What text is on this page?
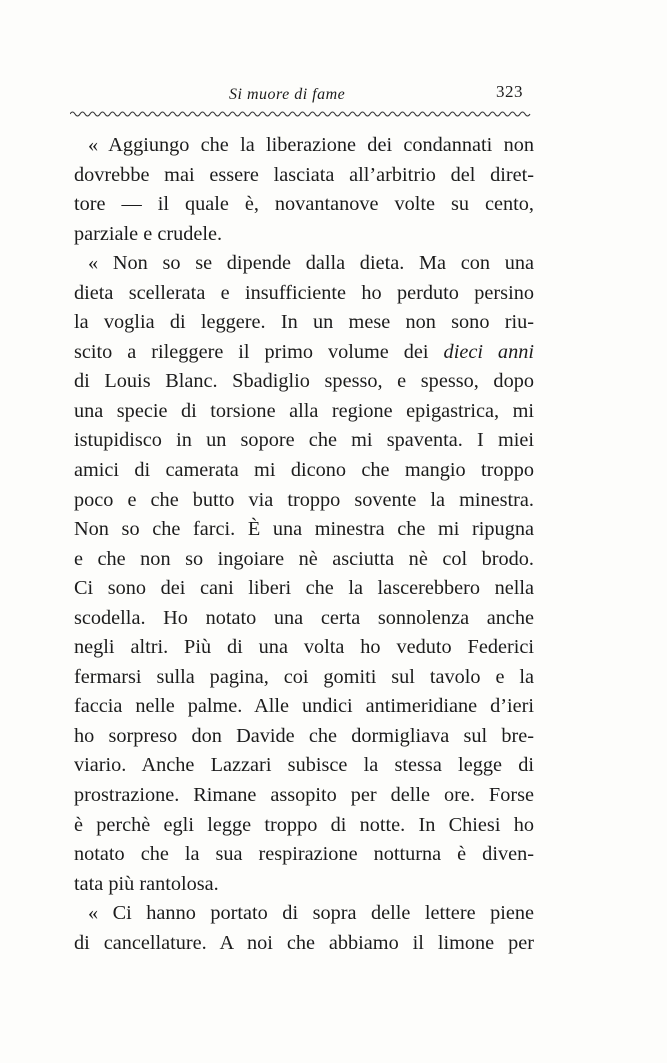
Si muore di fame	323
« Aggiungo che la liberazione dei condannati non
dovrebbe mai essere lasciata all’arbitrio del diret-
tore — il quale è, novantanove volte su cento,
parziale e crudele.
« Non so se dipende dalla dieta. Ma con una
dieta scellerata e insufficiente ho perduto persino
la voglia di leggere. In un mese non sono riu-
scito a rileggere il primo volume dei dieci anni
di Louis Blanc. Sbadiglio spesso, e spesso, dopo
una specie di torsione alla regione epigastrica, mi
istupidisco in un sopore che mi spaventa. I miei
amici di camerata mi dicono che mangio troppo
poco e che butto via troppo sovente la minestra.
Non so che farci. È una minestra che mi ripugna
e che non so ingoiare nè asciutta nè col brodo.
Ci sono dei cani liberi che la lascerebbero nella
scodella. Ho notato una certa sonnolenza anche
negli altri. Più di una volta ho veduto Federici
fermarsi sulla pagina, coi gomiti sul tavolo e la
faccia nelle palme. Alle undici antimeridiane d’ieri
ho sorpreso don Davide che dormigliava sul bre-
viario. Anche Lazzari subisce la stessa legge di
prostrazione. Rimane assopito per delle ore. Forse
è perchè egli legge troppo di notte. In Chiesi ho
notato che la sua respirazione notturna è diven-
tata più rantolosa.
« Ci hanno portato di sopra delle lettere piene
di cancellature. A noi che abbiamo il limone per
